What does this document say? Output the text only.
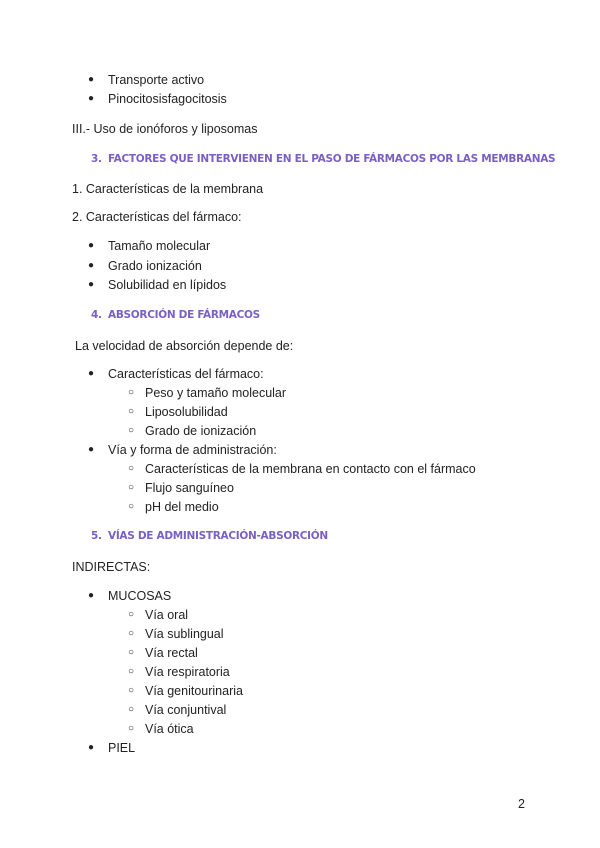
● Transporte activo
● Pinocitosisfagocitosis
III.- Uso de ionóforos y liposomas
3. FACTORES QUE INTERVIENEN EN EL PASO DE FÁRMACOS POR LAS MEMBRANAS
1. Características de la membrana
2. Características del fármaco:
● Tamaño molecular
● Grado ionización
● Solubilidad en lípidos
4. ABSORCIÓN DE FÁRMACOS
La velocidad de absorción depende de:
● Características del fármaco:
○ Peso y tamaño molecular
○ Liposolubilidad
○ Grado de ionización
● Vía y forma de administración:
○ Características de la membrana en contacto con el fármaco
○ Flujo sanguíneo
○ pH del medio
5. VÍAS DE ADMINISTRACIÓN-ABSORCIÓN
INDIRECTAS:
● MUCOSAS
○ Vía oral
○ Vía sublingual
○ Vía rectal
○ Vía respiratoria
○ Vía genitourinaria
○ Vía conjuntival
○ Vía ótica
● PIEL
2
